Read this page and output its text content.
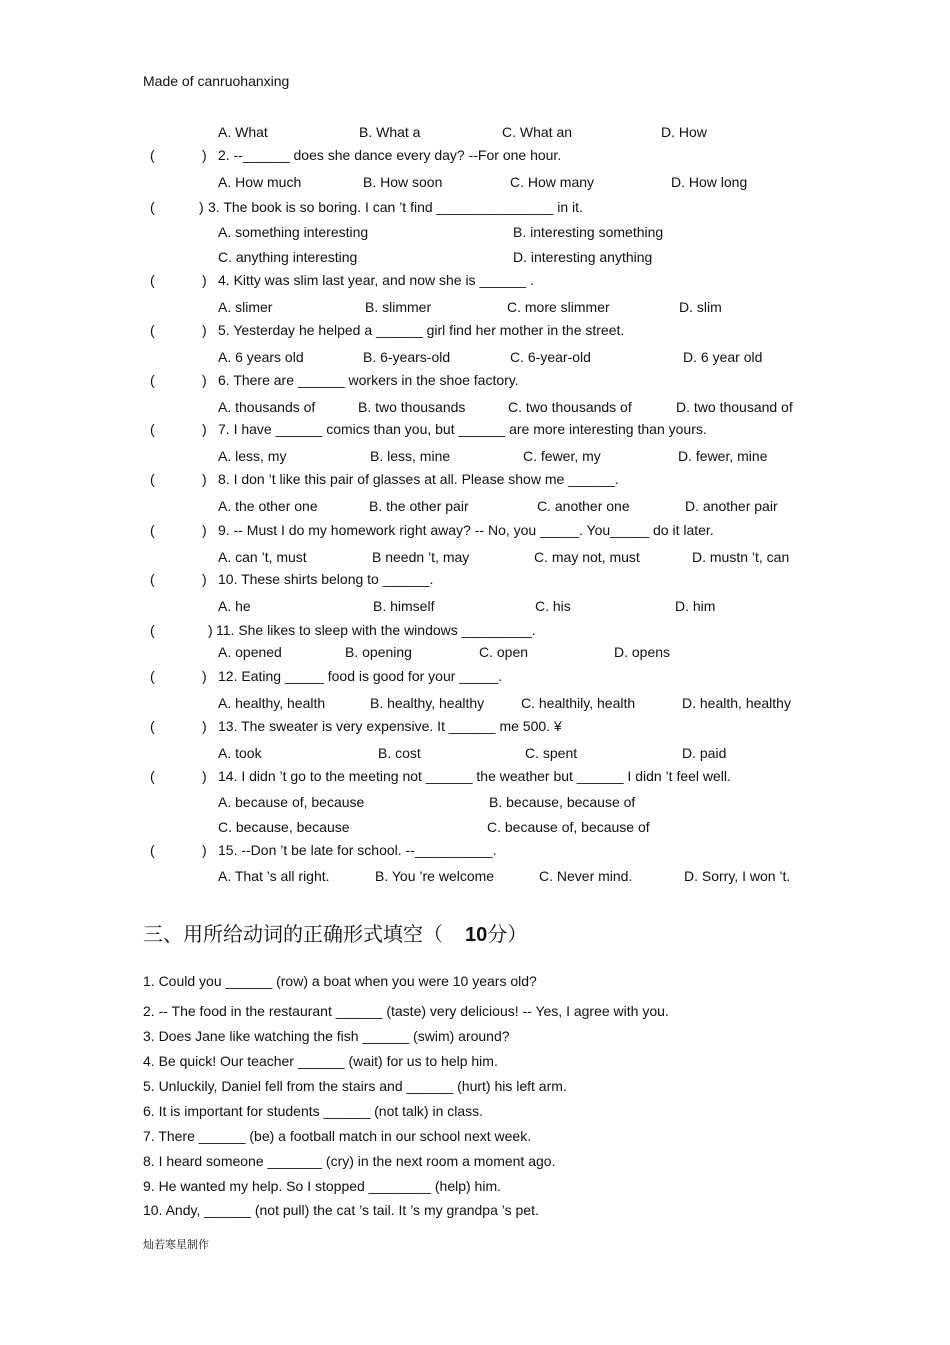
Made of canruohanxing
A. What	B. What a	C. What an	D. How
(	) 2. --______ does she dance every day? --For one hour.
A. How much	B. How soon	C. How many	D. How long
(	) 3. The book is so boring. I can ’t find _______________ in it.
A. something interesting	B. interesting something
C. anything interesting	D. interesting anything
(	) 4. Kitty was slim last year, and now she is ______ .
A. slimer	B. slimmer	C. more slimmer	D. slim
(	) 5. Yesterday he helped a ______ girl find her mother in the street.
A. 6 years old	B. 6-years-old	C. 6-year-old	D. 6 year old
(	) 6. There are ______ workers in the shoe factory.
A. thousands of	B. two thousands	C. two thousands of	D. two thousand of
(	) 7. I have ______ comics than you, but ______ are more interesting than yours.
A. less, my	B. less, mine	C. fewer, my	D. fewer, mine
(	) 8. I don ’t like this pair of glasses at all. Please show me ______.
A. the other one	B. the other pair	C. another one	D. another pair
(	) 9. -- Must I do my homework right away? -- No, you _____. You_____ do it later.
A. can ’t, must	B needn ’t, may	C. may not, must	D. mustn ’t, can
(	) 10. These shirts belong to ______.
A. he	B. himself	C. his	D. him
(	) 11. She likes to sleep with the windows _________.
A. opened	B. opening	C. open	D. opens
(	) 12. Eating _____ food is good for your _____.
A. healthy, health	B. healthy, healthy	C. healthily, health	D. health, healthy
(	) 13. The sweater is very expensive. It ______ me 500. ¥
A. took	B. cost	C. spent	D. paid
(	) 14. I didn ’t go to the meeting not ______ the weather but ______ I didn ’t feel well.
A. because of, because	B. because, because of
C. because, because	C. because of, because of
(	) 15. --Don ’t be late for school. --__________.
A. That ’s all right.	B. You ’re welcome	C. Never mind.	D. Sorry, I won ’t.
三、用所给动词的正确形式填空（ 10分）
1. Could you ______ (row) a boat when you were 10 years old?
2. -- The food in the restaurant ______ (taste) very delicious! -- Yes, I agree with you.
3. Does Jane like watching the fish ______ (swim) around?
4. Be quick! Our teacher ______ (wait) for us to help him.
5. Unluckily, Daniel fell from the stairs and ______ (hurt) his left arm.
6. It is important for students ______ (not talk) in class.
7. There ______ (be) a football match in our school next week.
8. I heard someone _______ (cry) in the next room a moment ago.
9. He wanted my help. So I stopped ________ (help) him.
10. Andy, ______ (not pull) the cat ’s tail. It ’s my grandpa ’s pet.
灿若寒星制作
